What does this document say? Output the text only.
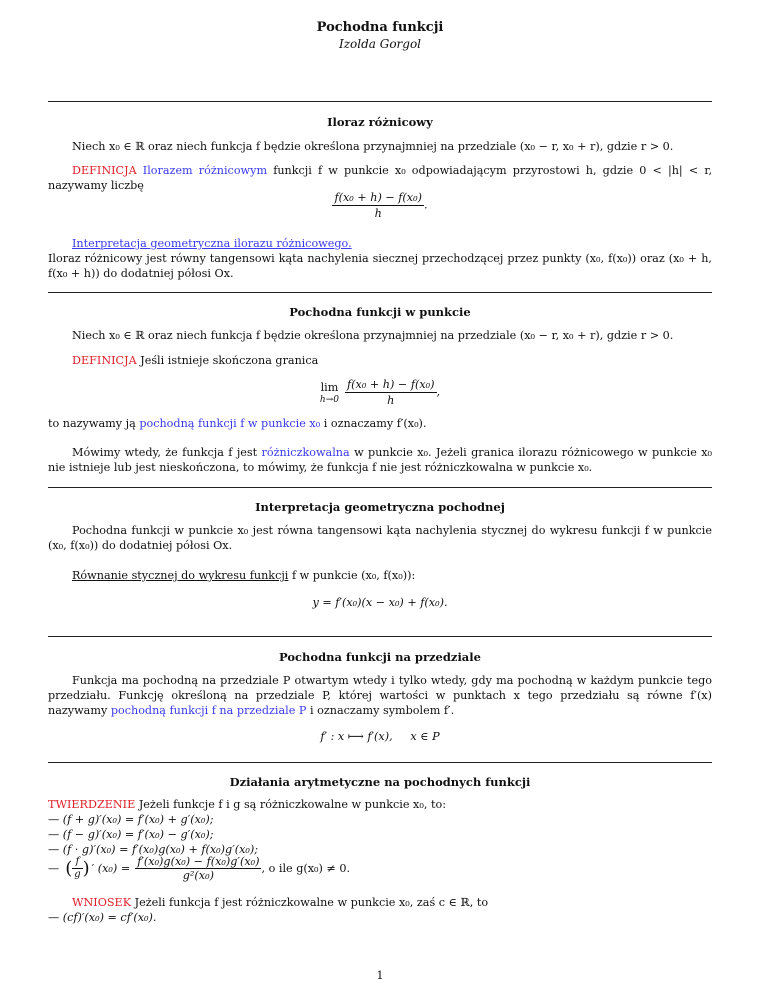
Pochodna funkcji
Izolda Gorgol
Iloraz różnicowy
Niech x₀ ∈ ℝ oraz niech funkcja f będzie określona przynajmniej na przedziale (x₀ − r, x₀ + r), gdzie r > 0.
DEFINICJA Ilorazem różnicowym funkcji f w punkcie x₀ odpowiadającym przyrostowi h, gdzie 0 < |h| < r, nazywamy liczbę
$\frac{\text{f(x₀ + h) − f(x₀)}}{h}$ .
Interpretacja geometryczna ilorazu różnicowego.
Iloraz różnicowy jest równy tangensowi kąta nachylenia siecznej przechodzącej przez punkty (x₀, f(x₀)) oraz (x₀ + h, f(x₀ + h)) do dodatniej półosi Ox.
Pochodna funkcji w punkcie
Niech x₀ ∈ ℝ oraz niech funkcja f będzie określona przynajmniej na przedziale (x₀ − r, x₀ + r), gdzie r > 0.
DEFINICJA Jeśli istnieje skończona granica
lim
$h\to 0 \frac{\text{f(x₀ + h) − f(x₀)}}{h}$ ,
to nazywamy ją pochodną funkcji f w punkcie x₀ i oznaczamy f′(x₀).
Mówimy wtedy, że funkcja f jest różniczkowalna w punkcie x₀. Jeżeli granica ilorazu różnicowego w punkcie x₀ nie istnieje lub jest nieskończona, to mówimy, że funkcja f nie jest różniczkowalna w punkcie x₀.
Interpretacja geometryczna pochodnej
Pochodna funkcji w punkcie x₀ jest równa tangensowi kąta nachylenia stycznej do wykresu funkcji f w punkcie (x₀, f(x₀)) do dodatniej półosi Ox.
Równanie stycznej do wykresu funkcji f w punkcie (x₀, f(x₀)):
y = f′(x₀)(x − x₀) + f(x₀).
Pochodna funkcji na przedziale
Funkcja ma pochodną na przedziale P otwartym wtedy i tylko wtedy, gdy ma pochodną w każdym punkcie tego przedziału. Funkcję określoną na przedziale P, której wartości w punktach x tego przedziału są równe f′(x) nazywamy pochodną funkcji f na przedziale P i oznaczamy symbolem f′.
f′ : x ⟼ f′(x),     x ∈ P
Działania arytmetyczne na pochodnych funkcji
TWIERDZENIE Jeżeli funkcje f i g są różniczkowalne w punkcie x₀, to:
— (f + g)′(x₀) = f′(x₀) + g′(x₀);
— (f − g)′(x₀) = f′(x₀) − g′(x₀);
— (f · g)′(x₀) = f′(x₀)g(x₀) + f(x₀)g′(x₀);
— ( $\frac{f}{g}$ ) ′ $(x_0) = \frac{\text{f′(x₀)g(x₀) − f(x₀)g′(x₀)}}{\text{g²(x₀)}}$ , o ile g(x₀) ≠ 0.
WNIOSEK Jeżeli funkcja f jest różniczkowalne w punkcie x₀, zaś c ∈ ℝ, to
— (cf)′(x₀) = cf′(x₀).
1
